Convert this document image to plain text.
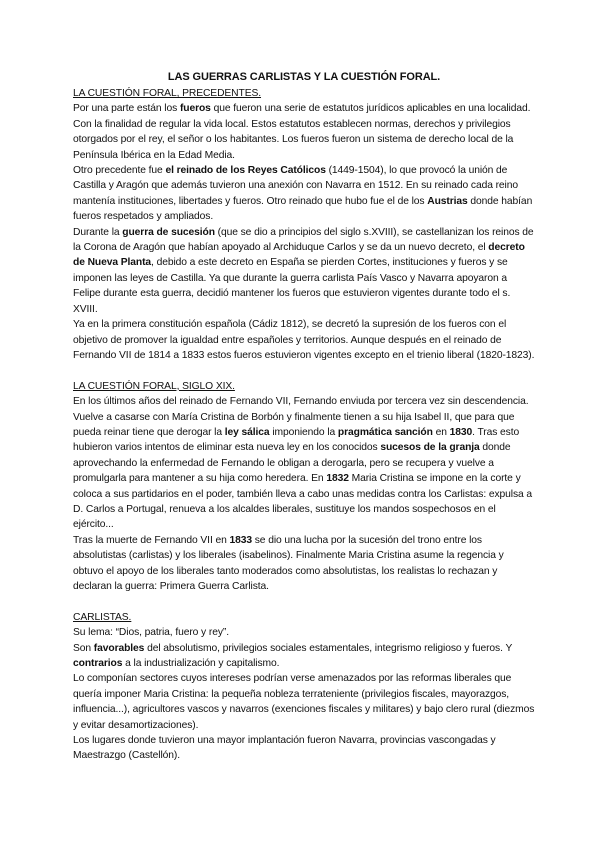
LAS GUERRAS CARLISTAS Y LA CUESTIÓN FORAL.

LA CUESTIÓN FORAL, PRECEDENTES.

Por una parte están los fueros que fueron una serie de estatutos jurídicos aplicables en una localidad. Con la finalidad de regular la vida local. Estos estatutos establecen normas, derechos y privilegios otorgados por el rey, el señor o los habitantes. Los fueros fueron un sistema de derecho local de la Península Ibérica en la Edad Media.

Otro precedente fue el reinado de los Reyes Católicos (1449-1504), lo que provocó la unión de Castilla y Aragón que además tuvieron una anexión con Navarra en 1512. En su reinado cada reino mantenía instituciones, libertades y fueros. Otro reinado que hubo fue el de los Austrias donde habían fueros respetados y ampliados.

Durante la guerra de sucesión (que se dio a principios del siglo s.XVIII), se castellanizan los reinos de la Corona de Aragón que habían apoyado al Archiduque Carlos y se da un nuevo decreto, el decreto de Nueva Planta, debido a este decreto en España se pierden Cortes, instituciones y fueros y se imponen las leyes de Castilla. Ya que durante la guerra carlista País Vasco y Navarra apoyaron a Felipe durante esta guerra, decidió mantener los fueros que estuvieron vigentes durante todo el s. XVIII.

Ya en la primera constitución española (Cádiz 1812), se decretó la supresión de los fueros con el objetivo de promover la igualdad entre españoles y territorios. Aunque después en el reinado de Fernando VII de 1814 a 1833 estos fueros estuvieron vigentes excepto en el trienio liberal (1820-1823).

LA CUESTIÓN FORAL, SIGLO XIX.

En los últimos años del reinado de Fernando VII, Fernando enviuda por tercera vez sin descendencia. Vuelve a casarse con María Cristina de Borbón y finalmente tienen a su hija Isabel II, que para que pueda reinar tiene que derogar la ley sálica imponiendo la pragmática sanción en 1830. Tras esto hubieron varios intentos de eliminar esta nueva ley en los conocidos sucesos de la granja donde aprovechando la enfermedad de Fernando le obligan a derogarla, pero se recupera y vuelve a promulgarla para mantener a su hija como heredera. En 1832 Maria Cristina se impone en la corte y coloca a sus partidarios en el poder, también lleva a cabo unas medidas contra los Carlistas: expulsa a D. Carlos a Portugal, renueva a los alcaldes liberales, sustituye los mandos sospechosos en el ejército...

Tras la muerte de Fernando VII en 1833 se dio una lucha por la sucesión del trono entre los absolutistas (carlistas) y los liberales (isabelinos). Finalmente Maria Cristina asume la regencia y obtuvo el apoyo de los liberales tanto moderados como absolutistas, los realistas lo rechazan y declaran la guerra: Primera Guerra Carlista.

CARLISTAS.

Su lema: “Dios, patria, fuero y rey”.

Son favorables del absolutismo, privilegios sociales estamentales, integrismo religioso y fueros. Y contrarios a la industrialización y capitalismo.

Lo componían sectores cuyos intereses podrían verse amenazados por las reformas liberales que quería imponer Maria Cristina: la pequeña nobleza terrateniente (privilegios fiscales, mayorazgos, influencia...), agricultores vascos y navarros (exenciones fiscales y militares) y bajo clero rural (diezmos y evitar desamortizaciones).

Los lugares donde tuvieron una mayor implantación fueron Navarra, provincias vascongadas y Maestrazgo (Castellón).
